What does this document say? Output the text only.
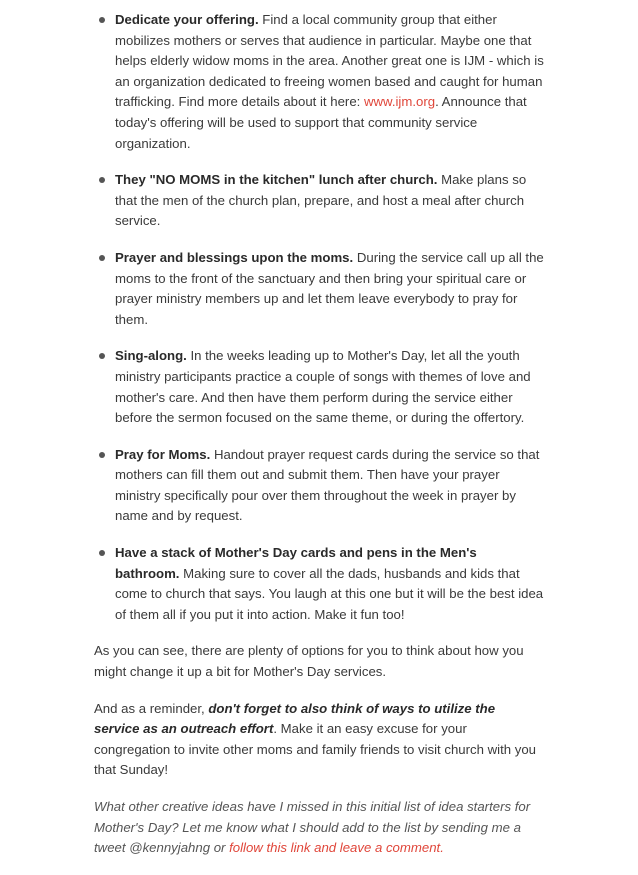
Dedicate your offering. Find a local community group that either mobilizes mothers or serves that audience in particular. Maybe one that helps elderly widow moms in the area. Another great one is IJM - which is an organization dedicated to freeing women based and caught for human trafficking. Find more details about it here: www.ijm.org. Announce that today's offering will be used to support that community service organization.
They "NO MOMS in the kitchen" lunch after church. Make plans so that the men of the church plan, prepare, and host a meal after church service.
Prayer and blessings upon the moms. During the service call up all the moms to the front of the sanctuary and then bring your spiritual care or prayer ministry members up and let them leave everybody to pray for them.
Sing-along. In the weeks leading up to Mother's Day, let all the youth ministry participants practice a couple of songs with themes of love and mother's care. And then have them perform during the service either before the sermon focused on the same theme, or during the offertory.
Pray for Moms. Handout prayer request cards during the service so that mothers can fill them out and submit them. Then have your prayer ministry specifically pour over them throughout the week in prayer by name and by request.
Have a stack of Mother's Day cards and pens in the Men's bathroom. Making sure to cover all the dads, husbands and kids that come to church that says. You laugh at this one but it will be the best idea of them all if you put it into action. Make it fun too!

As you can see, there are plenty of options for you to think about how you might change it up a bit for Mother's Day services.

And as a reminder, don't forget to also think of ways to utilize the service as an outreach effort. Make it an easy excuse for your congregation to invite other moms and family friends to visit church with you that Sunday!

What other creative ideas have I missed in this initial list of idea starters for Mother's Day? Let me know what I should add to the list by sending me a tweet @kennyjahng or follow this link and leave a comment.
